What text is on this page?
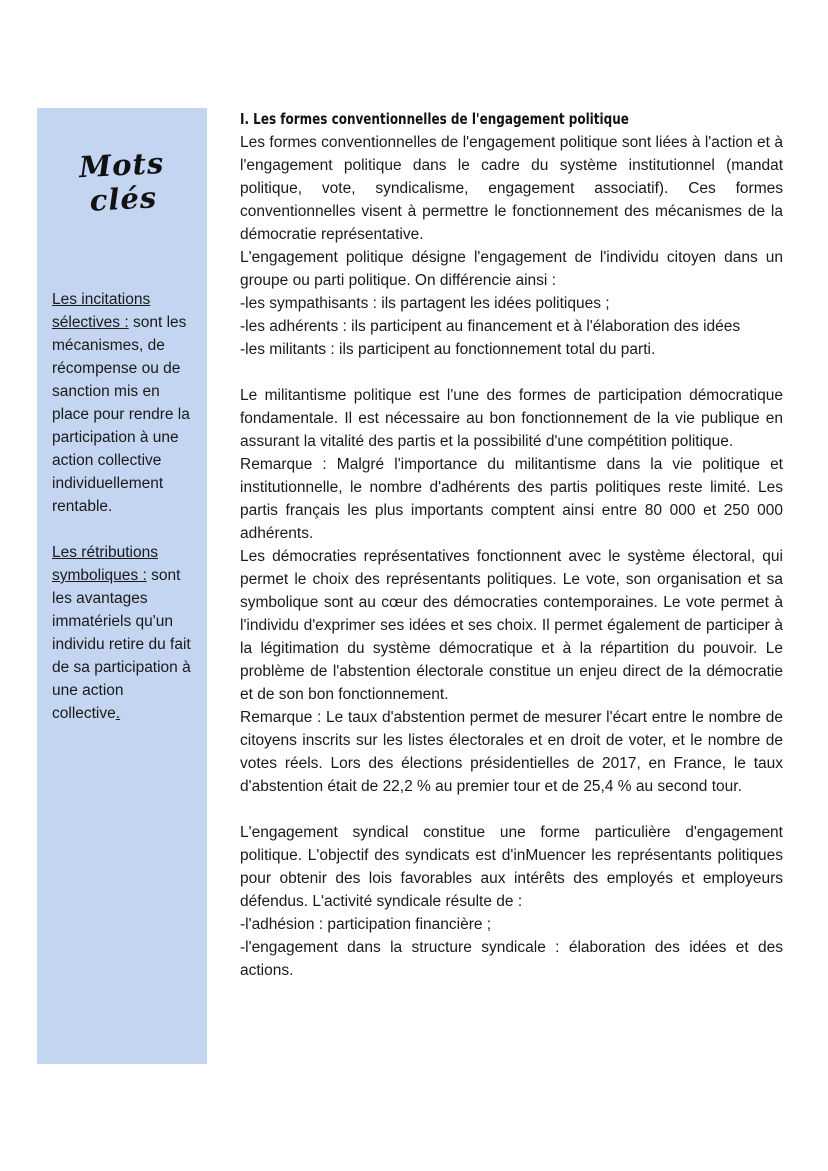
Mots clés

Les incitations sélectives : sont les mécanismes, de récompense ou de sanction mis en place pour rendre la participation à une action collective individuellement rentable.

Les rétributions symboliques : sont les avantages immatériels qu'un individu retire du fait de sa participation à une action collective.

I. Les formes conventionnelles de l'engagement politique

Les formes conventionnelles de l'engagement politique sont liées à l'action et à l'engagement politique dans le cadre du système institutionnel (mandat politique, vote, syndicalisme, engagement associatif). Ces formes conventionnelles visent à permettre le fonctionnement des mécanismes de la démocratie représentative.

L'engagement politique désigne l'engagement de l'individu citoyen dans un groupe ou parti politique. On différencie ainsi :

-les sympathisants : ils partagent les idées politiques ;
-les adhérents : ils participent au financement et à l'élaboration des idées
-les militants : ils participent au fonctionnement total du parti.

Le militantisme politique est l'une des formes de participation démocratique fondamentale. Il est nécessaire au bon fonctionnement de la vie publique en assurant la vitalité des partis et la possibilité d'une compétition politique.

Remarque : Malgré l'importance du militantisme dans la vie politique et institutionnelle, le nombre d'adhérents des partis politiques reste limité. Les partis français les plus importants comptent ainsi entre 80 000 et 250 000 adhérents.

Les démocraties représentatives fonctionnent avec le système électoral, qui permet le choix des représentants politiques. Le vote, son organisation et sa symbolique sont au cœur des démocraties contemporaines. Le vote permet à l'individu d'exprimer ses idées et ses choix. Il permet également de participer à la légitimation du système démocratique et à la répartition du pouvoir. Le problème de l'abstention électorale constitue un enjeu direct de la démocratie et de son bon fonctionnement.

Remarque : Le taux d'abstention permet de mesurer l'écart entre le nombre de citoyens inscrits sur les listes électorales et en droit de voter, et le nombre de votes réels. Lors des élections présidentielles de 2017, en France, le taux d'abstention était de 22,2 % au premier tour et de 25,4 % au second tour.

L'engagement syndical constitue une forme particulière d'engagement politique. L'objectif des syndicats est d'inMuencer les représentants politiques pour obtenir des lois favorables aux intérêts des employés et employeurs défendus. L'activité syndicale résulte de :

-l'adhésion : participation financière ;
-l'engagement dans la structure syndicale : élaboration des idées et des actions.
